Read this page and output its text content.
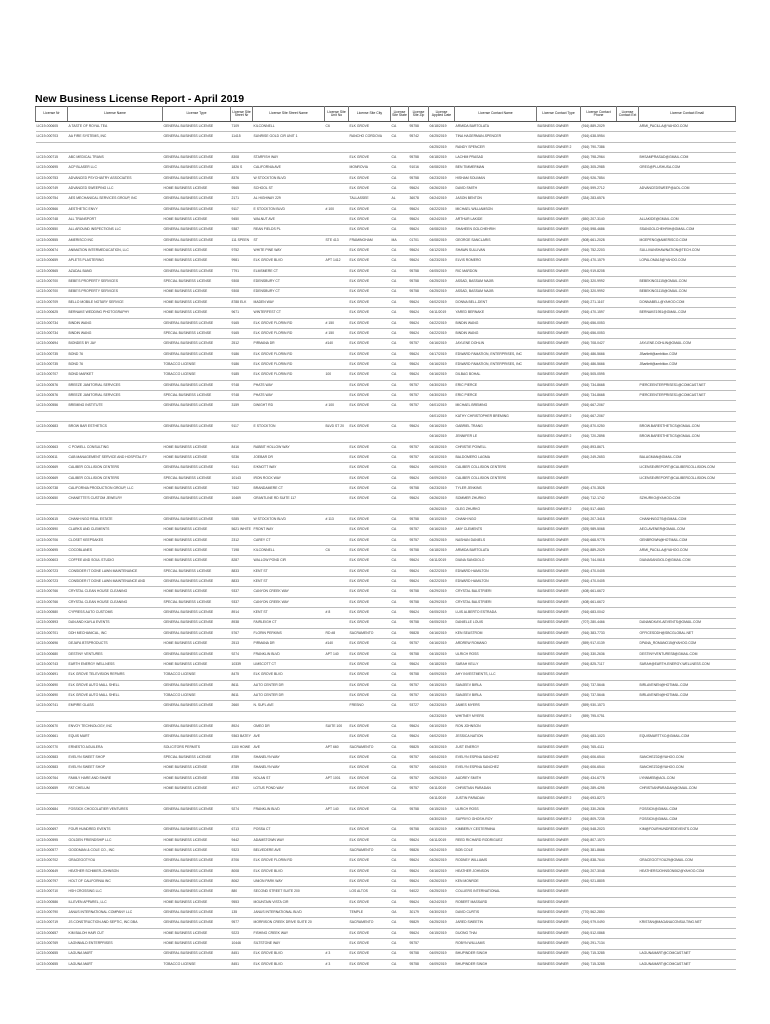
New Business License Report - April 2019
License Nr	License Name	License Type	License Site Street Nr	License Site Street Name	License Site Unit No	License Site City	License Site State	License Site Zip	License Applied Date	License Contact Name	License Contact Type	License Contact Phone	License Contact Ext	License Contact Email
LIC19-000605	A TASTE OF ROYAL TEA	GENERAL BUSINESS LICENSE	7109	KILCONNELL	C6	ELK GROVE	CA	95758	04/18/2019	ARMIDA BARTOLATA	BUSINESS OWNER	(916) 889-2029		ARMI_PACILLA@YAHOO.COM
LIC19-000703	AA FIRE SYSTEMS, INC	GENERAL BUSINESS LICENSE	11415	SUNRISE GOLD CIR UNIT 1		RANCHO CORDOVA	CA	95742	04/25/2019	TINA HAGERMAN-SPENCER	BUSINESS OWNER	(916) 638-5954		
									04/25/2019	RANDY SPENCER	BUSINESS OWNER 2	(916) 790-7386		
LIC19-000715	ABC MEDICAL TRANS	GENERAL BUSINESS LICENSE	8308	STARFISH WAY		ELK GROVE	CA	95758	04/18/2019	LACHIM PRASAD	BUSINESS OWNER	(916) 798-2964		BHSAMPRASAD@GMAIL.COM
LIC19-000695	ACP BLASER LLC	GENERAL BUSINESS LICENSE	1826 S	CALIFORNIA AVE		MONROVIA	CA	91016	04/08/2019	BEN TIMMERMAN	BUSINESS OWNER	(626) 305-2985		GREG@PLUSHUSA.COM
LIC19-000753	ADVANCED PSYCHIATRY ASSOCIATES	GENERAL BUSINESS LICENSE	8376	W STOCKTON BLVD		ELK GROVE	CA	95758	04/23/2019	HISHAM SOLIMAN	BUSINESS OWNER	(916) 926-7854		
LIC19-000749	ADVANCED SWEEPING LLC	HOME BUSINESS LICENSE	9565	SCHOOL ST		ELK GROVE	CA	95624	04/26/2019	DAVID SMITH	BUSINESS OWNER	(916) 599-2712		ADVANCEDSWEEP@AOL.COM
LIC19-000754	AES MECHANICAL SERVICES GROUP, INC	GENERAL BUSINESS LICENSE	2171	AL HIGHWAY 229		TALLASSEE	AL	36078	04/24/2019	JASON BENTON	BUSINESS OWNER	(334) 283-6576		
LIC19-000566	AESTHETIC ENVY	GENERAL BUSINESS LICENSE	9117	E STOCKTON BLVD	# 100	ELK GROVE	CA	95624	04/22/2019	MICHAEL WILLIAMSON	BUSINESS OWNER			
LIC19-000748	ALL TRANSPORT	HOME BUSINESS LICENSE	9450	WALNUT AVE		ELK GROVE	CA	95624	04/24/2019	ARTHUR LAKIDE	BUSINESS OWNER	(650) 207-3140		ALLAKIDE@GMAIL.COM
LIC19-000550	ALL AROUND INSPECTIONS LLC	GENERAL BUSINESS LICENSE	9387	REAN FIELDS PL		ELK GROVE	CA	95624	04/08/2019	SHAHEEN GOLCHEHRIH	BUSINESS OWNER	(916) 598-4686		SSANGOLCHEHRIH@GMAIL.COM
LIC19-000555	AMERISCO INC	GENERAL BUSINESS LICENSE	111 SPEEN	ST	STE 413	FRAMINGHAM	MA	01701	04/08/2019	GEORGE SANCLARIS	BUSINESS OWNER	(508) 661-2028		MGEPENG@AMERISCO.COM
LIC19-000674	ANIMATION INTERMEDUCATION, LLC	HOME BUSINESS LICENSE	9752	WHITE PINE WAY		ELK GROVE	CA	95624	04/12/2019	SHAWN SULLIVAN	BUSINESS OWNER	(916) 752-2203		SULLIVANSHAWNATION@TECH.COM
LIC19-000659	APLETS PLASTERING	HOME BUSINESS LICENSE	9981	ELK GROVE BLVD	APT 1412	ELK GROVE	CA	95624	04/23/2019	ELVIS ROMERO	BUSINESS OWNER	(916) 470-1579		LOPALOMA15@YAHOO.COM
LIC19-000565	AZADAL BAND	GENERAL BUSINESS LICENSE	7791	ELMSMERE CT		ELK GROVE	CA	95758	04/05/2019	RIC MARDON	BUSINESS OWNER	(916) 919-8208		
LIC19-000700	BEBE'S PROPERTY SERVICES	SPECIAL BUSINESS LICENSE	9308	EDENSBURY CT		ELK GROVE	CA	95758	04/25/2019	ASSAD, BASSAM NAJIB	BUSINESS OWNER	(916) 320-9992		BEBEKING1115@GMAIL.COM
LIC19-000700	BEBE'S PROPERTY SERVICES	HOME BUSINESS LICENSE	9308	EDENSBURY CT		ELK GROVE	CA	95758	04/25/2019	ASSAD, BASSAM NAJIB	BUSINESS OWNER	(916) 320-9992		BEBEKING1115@GMAIL.COM
LIC19-000709	BELLO MOBILE NOTARY SERVICE	HOME BUSINESS LICENSE	8788 ELK	MADEN WAY		ELK GROVE	CA	95624	04/02/2019	DONNA BELL-DENT	BUSINESS OWNER	(916) 271-1167		DONNABELL@YAHOO.COM
LIC19-000625	BERNAKE WEDDING PHOTOGRAPHY	HOME BUSINESS LICENSE	9671	WINTERFEST CT		ELK GROVE	CA	95624	04/11/2019	YARED BERNAKE	BUSINESS OWNER	(916) 470-1597		BERNAKE1951@GMAIL.COM
LIC19-000734	BINDIN WANG	GENERAL BUSINESS LICENSE	9165	ELK GROVE FLORIN RD	# 150	ELK GROVE	CA	95624	04/22/2019	BINDIN WANG	BUSINESS OWNER	(916) 656-0053		
LIC19-000734	BINDIN WANG	SPECIAL BUSINESS LICENSE	9165	ELK GROVE FLORIN RD	# 150	ELK GROVE	CA	95624	04/22/2019	BINDIN WANG	BUSINESS OWNER	(916) 656-0053		
LIC19-000694	BIONDES BY JAY	GENERAL BUSINESS LICENSE	2512	PIRMANA DR	#140	ELK GROVE	CA	95757	04/16/2019	JAYLENE DOHLIN	BUSINESS OWNER	(916) 708-0427		JAYLENE.DOHLIN@GMAIL.COM
LIC19-000735	BOND 76	GENERAL BUSINESS LICENSE	9186	ELK GROVE FLORIN RD		ELK GROVE	CA	95624	04/17/2019	EDWARD FAMATION, ENTERPRISES, INC	BUSINESS OWNER	(916) 486-5666		JBartlett@ambition.COM
LIC19-000735	BOND 76	TOBACCO LICENSE	9186	ELK GROVE FLORIN RD		ELK GROVE	CA	95624	04/16/2019	EDWARD FAMATION, ENTERPRISES, INC	BUSINESS OWNER	(916) 486-5666		JBartlett@ambition.COM
LIC19-000707	BOND MARKET	TOBACCO LICENSE	9185	ELK GROVE FLORIN RD	100	ELK GROVE	CA	95624	04/16/2019	DILBAG BOHAL	BUSINESS OWNER	(916) 505-0595		
LIC19-000576	BREEZE JANITORIAL SERVICES	GENERAL BUSINESS LICENSE	9748	PHATS WAY		ELK GROVE	CA	95757	04/30/2019	ERIC PIERCE	BUSINESS OWNER	(916) 734-8668		PIERCEENTERPRISES1@COMCAST.NET
LIC19-000576	BREEZE JANITORIAL SERVICES	SPECIAL BUSINESS LICENSE	9748	PHATS WAY		ELK GROVE	CA	95757	04/30/2019	ERIC PIERCE	BUSINESS OWNER	(916) 734-8668		PIERCEENTERPRISES1@COMCAST.NET
LIC19-000556	BREMING INSTITUTE	GENERAL BUSINESS LICENSE	3159	DWIGHT RD	# 100	ELK GROVE	CA	95757	04/01/2019	MICHAEL BREMING	BUSINESS OWNER	(916) 667-2067		
									04/01/2019	KATHY CHRISTOPHER BREMING	BUSINESS OWNER 2	(916) 667-2067		
LIC19-000683	BROW BAR ESTHETICS	GENERAL BUSINESS LICENSE	9117	E STOCKTON	BLVD ST 20	ELK GROVE	CA	95624	04/16/2019	GABRIEL TRANG	BUSINESS OWNER	(916) 870-0250		BROW.BARESTHETICS@GMAIL.COM
									04/16/2019	JENNIFER LE	BUSINESS OWNER 2	(916) 720-2898		BROW.BARESTHETICS@GMAIL.COM
LIC19-000663	C POWELL CONSULTING	HOME BUSINESS LICENSE	8416	RABBIT HOLLOW WAY		ELK GROVE	CA	95757	04/15/2019	CHRISTIE POWELL	BUSINESS OWNER	(916) 893-8671		
LIC19-000611	CAB MANAGEMENT SERVICE AND HOSPITALITY	HOME BUSINESS LICENSE	9236	JOEBAR DR		ELK GROVE	CA	95757	04/10/2019	BALDOMERO LAGMA	BUSINESS OWNER	(916) 249-2653		BALAGMAN@GMAIL.COM
LIC19-000669	CALIBER COLLISION CENTERS	GENERAL BUSINESS LICENSE	9141	E/KNOTT WAY		ELK GROVE	CA	95624	04/09/2019	CALIBER COLLISION CENTERS	BUSINESS OWNER			LICENSE4REPORT@CALIBERCOLLISION.COM
LIC19-000669	CALIBER COLLISION CENTERS	SPECIAL BUSINESS LICENSE	10143	IRON ROCK WAY		ELK GROVE	CA	95624	04/09/2019	CALIBER COLLISION CENTERS	BUSINESS OWNER			LICENSE4REPORT@CALIBERCOLLISION.COM
LIC19-000738	CALIFORNIA PRODUCTION GROUP, LLC	HOME BUSINESS LICENSE	7402	BRANDAMERE CT		ELK GROVE	CA	95758	04/23/2019	TYLER JENKINS	BUSINESS OWNER	(916) 470-3528		
LIC19-000650	CHANETTE'S CUSTOM JEWELRY	GENERAL BUSINESS LICENSE	10469	GRANTLINE RD SUITE 117		ELK GROVE	CA	95624	04/26/2019	SOMMER ZHURKO	BUSINESS OWNER	(916) 712-1742		SZHURKO@YAHOO.COM
									04/26/2019	OLEG ZHURKO	BUSINESS OWNER 2	(916) 517-4663		
LIC19-000615	CHANH NGO REAL ESTATE	GENERAL BUSINESS LICENSE	9285	W STOCKTON BLVD	# 113	ELK GROVE	CA	95758	04/10/2019	CHANH NGO	BUSINESS OWNER	(916) 207-3418		CHANHNGO7S@GMAIL.COM
LIC19-000590	CLARKS AND CLEMENTS	HOME BUSINESS LICENSE	5621 WHITE	FRONT WAY		ELK GROVE	CA	95757	04/16/2019	AMY CLEMENTS	BUSINESS OWNER	(925) 989-5068		AECLAVENER@GMAIL.COM
LIC19-000706	CLOSET KEEPSAKES	HOME BUSINESS LICENSE	2312	CAREY CT		ELK GROVE	CA	95757	04/25/2019	NASHAN DANIELS	BUSINESS OWNER	(916) 668-9778		GENBROWN@HOTMAIL.COM
LIC19-000695	COCOBLANES	HOME BUSINESS LICENSE	7198	KILCONNELL	C6	ELK GROVE	CA	95758	04/18/2019	ARMIDA BARTOLATA	BUSINESS OWNER	(916) 889-2029		ARMI_PACILLA@YAHOO.COM
LIC19-000603	COFFEE AND SOUL STUDIO	HOME BUSINESS LICENSE	8287	WALLOW POND CIR		ELK GROVE	CA	95624	04/11/2019	DIANA SANGIOLO	BUSINESS OWNER	(916) 744-0618		DIANASANGIOLO@GMAIL.COM
LIC19-000723	CONSIDER IT DONE LAWN MAINTENANCE	SPECIAL BUSINESS LICENSE	8833	KENT ST		ELK GROVE	CA	95624	04/22/2019	EDWARD HAMILTON	BUSINESS OWNER	(916) 470-0405		
LIC19-000723	CONSIDER IT DONE LAWN MAINTENANCE AND	GENERAL BUSINESS LICENSE	8833	KENT ST		ELK GROVE	CA	95624	04/22/2019	EDWARD HAMILTON	BUSINESS OWNER	(916) 470-0405		
LIC19-000766	CRYSTAL CLEAN HOUSE CLEANING	HOME BUSINESS LICENSE	9337	CANYON CREEK WAY		ELK GROVE	CA	95758	04/29/2019	CRYSTAL BALSTRIERI	BUSINESS OWNER	(408) 661-6672		
LIC19-000766	CRYSTAL CLEAN HOUSE CLEANING	SPECIAL BUSINESS LICENSE	9337	CANYON CREEK WAY		ELK GROVE	CA	95758	04/29/2019	CRYSTAL BALSTRIERI	BUSINESS OWNER	(408) 661-6672		
LIC19-000580	CYPRESS AUTO CUSTOMS	GENERAL BUSINESS LICENSE	8914	KENT ST	# 8	ELK GROVE	CA	95624	04/05/2019	LUIS ALBERTO ESTRADA	BUSINESS OWNER	(916) 683-0042		
LIC19-000593	DAN AND KAYLA EVENTS	GENERAL BUSINESS LICENSE	8938	FAIRLEIGH CT		ELK GROVE	CA	95758	04/05/2019	DANIELLE LOUIS	BUSINESS OWNER	(707) 280-4466		DANANDKAYLAEVENTS@GMAIL.COM
LIC19-000701	DDH MECHANICAL, INC	GENERAL BUSINESS LICENSE	5767	FLORIN PERKINS	RD #8	SACRAMENTO	CA	95828	04/16/2019	KEN SEASTROM	BUSINESS OWNER	(916) 383-7733		OFFICESDDH@SBCGLOBAL.NET
LIC19-000696	DEJAFA BTSPRODUCTS	HOME BUSINESS LICENSE	2513	PIRMANA DR	#140	ELK GROVE	CA	95757	04/16/2019	ARDREW ROMANO	BUSINESS OWNER	(559) 917-0139		DPANA_ROMANO15@YAHOO.COM
LIC19-000680	DESTINY VENTURES	GENERAL BUSINESS LICENSE	9274	FRANKLIN BLVD	APT 140	ELK GROVE	CA	95758	04/15/2019	ULRICH ROSS	BUSINESS OWNER	(916) 330-2636		DESTINYVENTURES8@GMAIL.COM
LIC19-000743	EARTH ENERGY WELLNESS	HOME BUSINESS LICENSE	10339	LIMSCOTT CT		ELK GROVE	CA	95624	04/18/2019	SARAH KELLY	BUSINESS OWNER	(916) 825-7117		SARAH@EARTH-ENERGY-WELLNESS.COM
LIC19-000691	ELK GROVE TELEVISION REPAIRS	TOBACCO LICENSE	8475	ELK GROVE BLVD		ELK GROVE	CA	95758	04/09/2019	AHY INVESTMENTS, LLC	BUSINESS OWNER			
LIC19-000690	ELK GROVE AUTO MALL SHELL	GENERAL BUSINESS LICENSE	8611	AUTO CENTER DR		ELK GROVE	CA	95757	04/15/2019	SANJEEV BIRLA	BUSINESS OWNER	(916) 737-5646		BIRLAVENEN@HOTMAIL.COM
LIC19-000690	ELK GROVE AUTO MALL SHELL	TOBACCO LICENSE	8611	AUTO CENTER DR		ELK GROVE	CA	95757	04/15/2019	SANJEEV BIRLA	BUSINESS OWNER	(916) 737-5646		BIRLAVENEN@HOTMAIL.COM
LIC19-000741	EMPIRE GLASS	GENERAL BUSINESS LICENSE	2660	N. SUFL AVE		FRESNO	CA	93727	04/23/2019	JAMES MYERS	BUSINESS OWNER	(559) 930-1573		
									04/23/2019	WHITNEY MYERS	BUSINESS OWNER 2	(559) 795-0751		
LIC19-000670	ENVOY TECHNOLOGY, INC	GENERAL BUSINESS LICENSE	8924	OMEO DR	SUITE 100	ELK GROVE	CA	95624	04/10/2019	RON JOHNSON	BUSINESS OWNER			
LIC19-000661	EQUIS MART	GENERAL BUSINESS LICENSE	9363 BATEY	AVE		ELK GROVE	CA	95624	04/02/2019	JESSICA NATION	BUSINESS OWNER	(916) 683-1023		EQUISMARTTXC@GMAIL.COM
LIC19-000770	ERNESTO AGUILERA	SOLICITORS PERMITS	1100 HOWE	AVE	APT 660	SACRAMENTO	CA	95825	04/30/2019	JUST ENERGY	BUSINESS OWNER	(916) 765-4111		
LIC19-000583	EVELYN SWEET SHOP	SPECIAL BUSINESS LICENSE	8789	SHANELYN WAY		ELK GROVE	CA	95757	04/04/2019	EVELYN ESPINA SANCHEZ	BUSINESS OWNER	(916) 606-6544		SANCHEZ02@YAHOO.COM
LIC19-000583	EVELYN SWEET SHOP	HOME BUSINESS LICENSE	8789	SHANELYN WAY		ELK GROVE	CA	95757	04/04/2019	EVELYN ESPINA SANCHEZ	BUSINESS OWNER	(916) 606-6544		SANCHEZ02@YAHOO.COM
LIC19-000764	FAMILY HARE AND SHARE	HOME BUSINESS LICENSE	8785	NOLAN ST	APT 1001	ELK GROVE	CA	95757	04/29/2019	AUDREY SMITH	BUSINESS OWNER	(916) 434-6778		LYNNMEB@AOL.COM
LIC19-000659	FAT CHELUM	HOME BUSINESS LICENSE	4917	LOTUS POND WAY		ELK GROVE	CA	95757	04/11/2019	CHRISTIAN PARADAN	BUSINESS OWNER	(916) 289-4295		CHRISTIANPARADAN@GMAIL.COM
									04/11/2019	JUSTIN PARADAN	BUSINESS OWNER 2	(916) 693-8273		
LIC19-000684	FOSSICK CHOCOLATIER VENTURES	GENERAL BUSINESS LICENSE	9274	FRANKLIN BLVD	APT 140	ELK GROVE	CA	95758	04/15/2019	ULRICH ROSS	BUSINESS OWNER	(916) 330-2636		FOSSICK@GMAIL.COM
									04/30/2019	SUPRIYO GHOSH-ROY	BUSINESS OWNER 2	(916) 809-7235		FOSSICK@GMAIL.COM
LIC19-000697	FOUR HUNDRED EVENTS	GENERAL BUSINESS LICENSE	6713	POSSA CT		ELK GROVE	CA	95758	04/15/2019	KIMBERLY CESTERNINA	BUSINESS OWNER	(916) 548-2023		KIM@FOURHUNDREDEVENTS.COM
LIC19-000595	GOLDEN FRIENDSHIP LLC	HOME BUSINESS LICENSE	9442	ADAMSTOWN WAY		ELK GROVE	CA	95624	04/11/2019	REED RICHARD RODRIGUEZ	BUSINESS OWNER	(916) 807-1570		
LIC19-000577	GOODMAN & COLE CO., INC	HOME BUSINESS LICENSE	9323	BELVEDERE AVE		SACRAMENTO	CA	95826	04/24/2019	BOB COLE	BUSINESS OWNER	(916) 381-8666		
LIC19-000702	GRACEGOTYOU	GENERAL BUSINESS LICENSE	8706	ELK GROVE FLORIN RD		ELK GROVE	CA	95624	04/26/2019	RODNEY WILLIAMS	BUSINESS OWNER	(916) 838-7644		GRACEGOTYOU29@GMAIL.COM
LIC19-000649	HEATHER SCHMIER-JOHNSON	GENERAL BUSINESS LICENSE	8008	ELK GROVE BLVD		ELK GROVE	CA	95624	04/16/2019	HEATHER JOHNSON	BUSINESS OWNER	(916) 207-3048		HEATHERSJOHNSON062@YAHOO.COM
LIC19-000797	HOLT OF CALIFORNIA INC	GENERAL BUSINESS LICENSE	8062	UNION PARK WAY		ELK GROVE	CA	95624	04/26/2019	KEN MONROE	BUSINESS OWNER	(916) 921-8805		
LIC19-000710	HSH CROSSING LLC	GENERAL BUSINESS LICENSE	880	SECOND STREET SUITE 200		LOS ALTOS	CA	94022	04/25/2019	COLLIERS INTERNATIONAL	BUSINESS OWNER			
LIC19-000586	ILLEVEN APPAREL, LLC	HOME BUSINESS LICENSE	9553	MOUNTAIN VISTA CIR		ELK GROVE	CA	95624	04/24/2019	ROBERT MASSARD	BUSINESS OWNER			
LIC19-000790	JANUS INTERNATIONAL COMPANY LLC	GENERAL BUSINESS LICENSE	135	JANUS INTERNATIONAL BLVD		TEMPLE	GA	30179	04/30/2019	DAVID CURTIS	BUSINESS OWNER	(770) 562-2850		
LIC19-000719	JS CONSTRUCTION AND SEPTIC, INC DBA	GENERAL BUSINESS LICENSE	9577	MORRISON CREEK DRIVE SUITE 20		SACRAMENTO	CA	95829	04/25/2019	JARED SWEETIN	BUSINESS OWNER	(916) 979-0490		KRISTAN@MAGANACONSULTING.NET
LIC19-000657	KIM BALOH HAIR CUT	HOME BUSINESS LICENSE	9223	FISHING CREEK WAY		ELK GROVE	CA	95624	04/15/2019	DUONG THAI	BUSINESS OWNER	(916) 512-0868		
LIC19-000769	LAGNNIALD ENTERPRISES	HOME BUSINESS LICENSE	10446	SILTSTONE WAY		ELK GROVE	CA	95757		ROBYN WILLIAMS	BUSINESS OWNER	(916) 291-7134		
LIC19-000655	LAGUNA MART	GENERAL BUSINESS LICENSE	8451	ELK GROVE BLVD	# 3	ELK GROVE	CA	95758	04/09/2019	BHUPINDER SINGH	BUSINESS OWNER	(916) 715-3285		LAGUNAMART@COMCAST.NET
LIC19-000655	LAGUNA MART	TOBACCO LICENSE	8451	ELK GROVE BLVD	# 3	ELK GROVE	CA	95758	04/09/2019	BHUPINDER SINGH	BUSINESS OWNER	(916) 715-3285		LAGUNAMART@COMCAST.NET
